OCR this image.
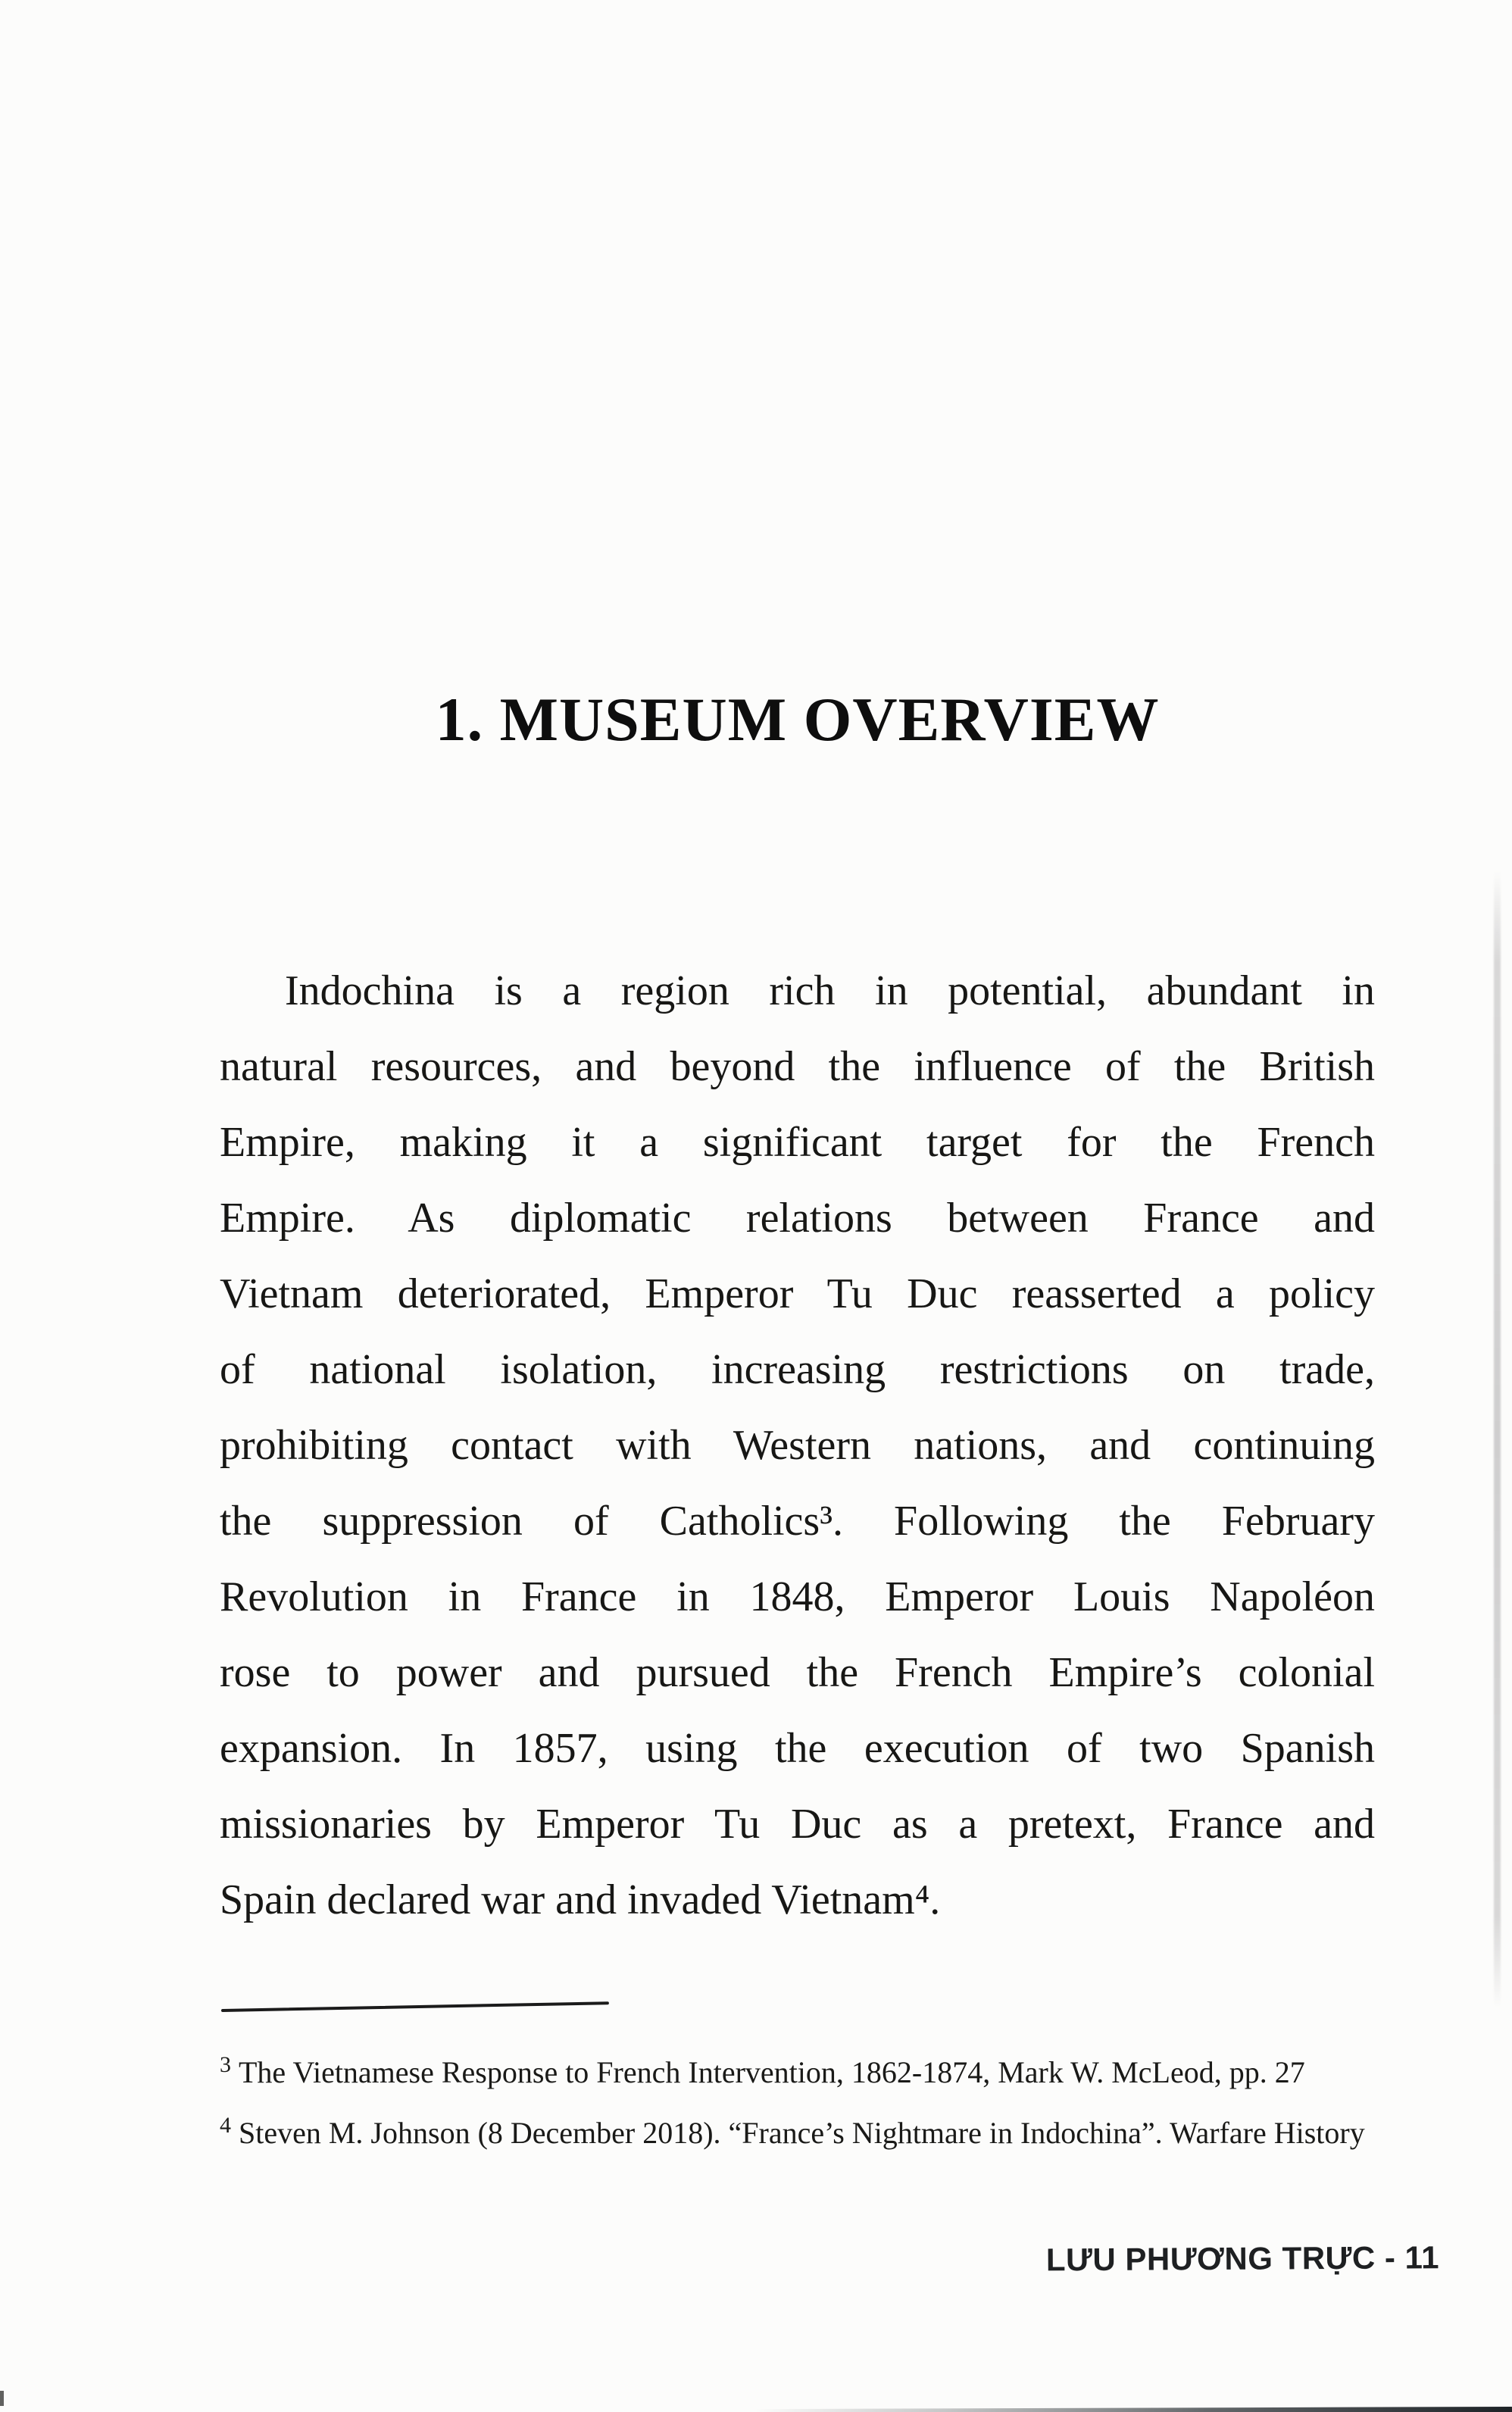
1. MUSEUM OVERVIEW
Indochina is a region rich in potential, abundant in
natural resources, and beyond the influence of the British
Empire, making it a significant target for the French
Empire. As diplomatic relations between France and
Vietnam deteriorated, Emperor Tu Duc reasserted a policy
of national isolation, increasing restrictions on trade,
prohibiting contact with Western nations, and continuing
the suppression of Catholics³. Following the February
Revolution in France in 1848, Emperor Louis Napoléon
rose to power and pursued the French Empire’s colonial
expansion. In 1857, using the execution of two Spanish
missionaries by Emperor Tu Duc as a pretext, France and
Spain declared war and invaded Vietnam⁴.
$^3$ The Vietnamese Response to French Intervention, 1862-1874, Mark W. McLeod, pp. 27
$^4$ Steven M. Johnson (8 December 2018). “France’s Nightmare in Indochina”. Warfare History
LƯU PHƯƠNG TRỰC - 11
